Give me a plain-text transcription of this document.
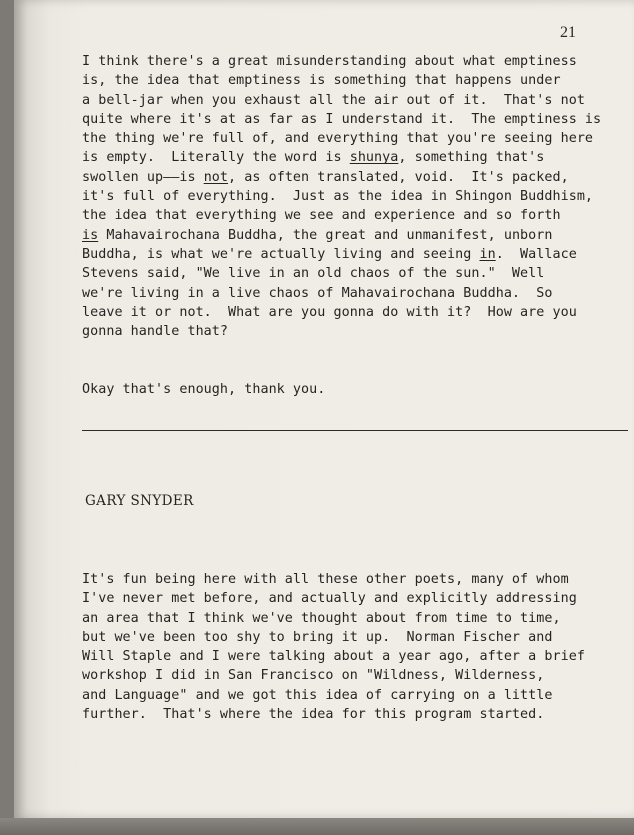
21
I think there's a great misunderstanding about what emptiness
is, the idea that emptiness is something that happens under
a bell-jar when you exhaust all the air out of it.  That's not
quite where it's at as far as I understand it.  The emptiness is
the thing we're full of, and everything that you're seeing here
is empty.  Literally the word is shunya, something that's
swollen up——is not, as often translated, void.  It's packed,
it's full of everything.  Just as the idea in Shingon Buddhism,
the idea that everything we see and experience and so forth
is Mahavairochana Buddha, the great and unmanifest, unborn
Buddha, is what we're actually living and seeing in.  Wallace
Stevens said, "We live in an old chaos of the sun."  Well
we're living in a live chaos of Mahavairochana Buddha.  So
leave it or not.  What are you gonna do with it?  How are you
gonna handle that?
Okay that's enough, thank you.
GARY SNYDER
It's fun being here with all these other poets, many of whom
I've never met before, and actually and explicitly addressing
an area that I think we've thought about from time to time,
but we've been too shy to bring it up.  Norman Fischer and
Will Staple and I were talking about a year ago, after a brief
workshop I did in San Francisco on "Wildness, Wilderness,
and Language" and we got this idea of carrying on a little
further.  That's where the idea for this program started.
